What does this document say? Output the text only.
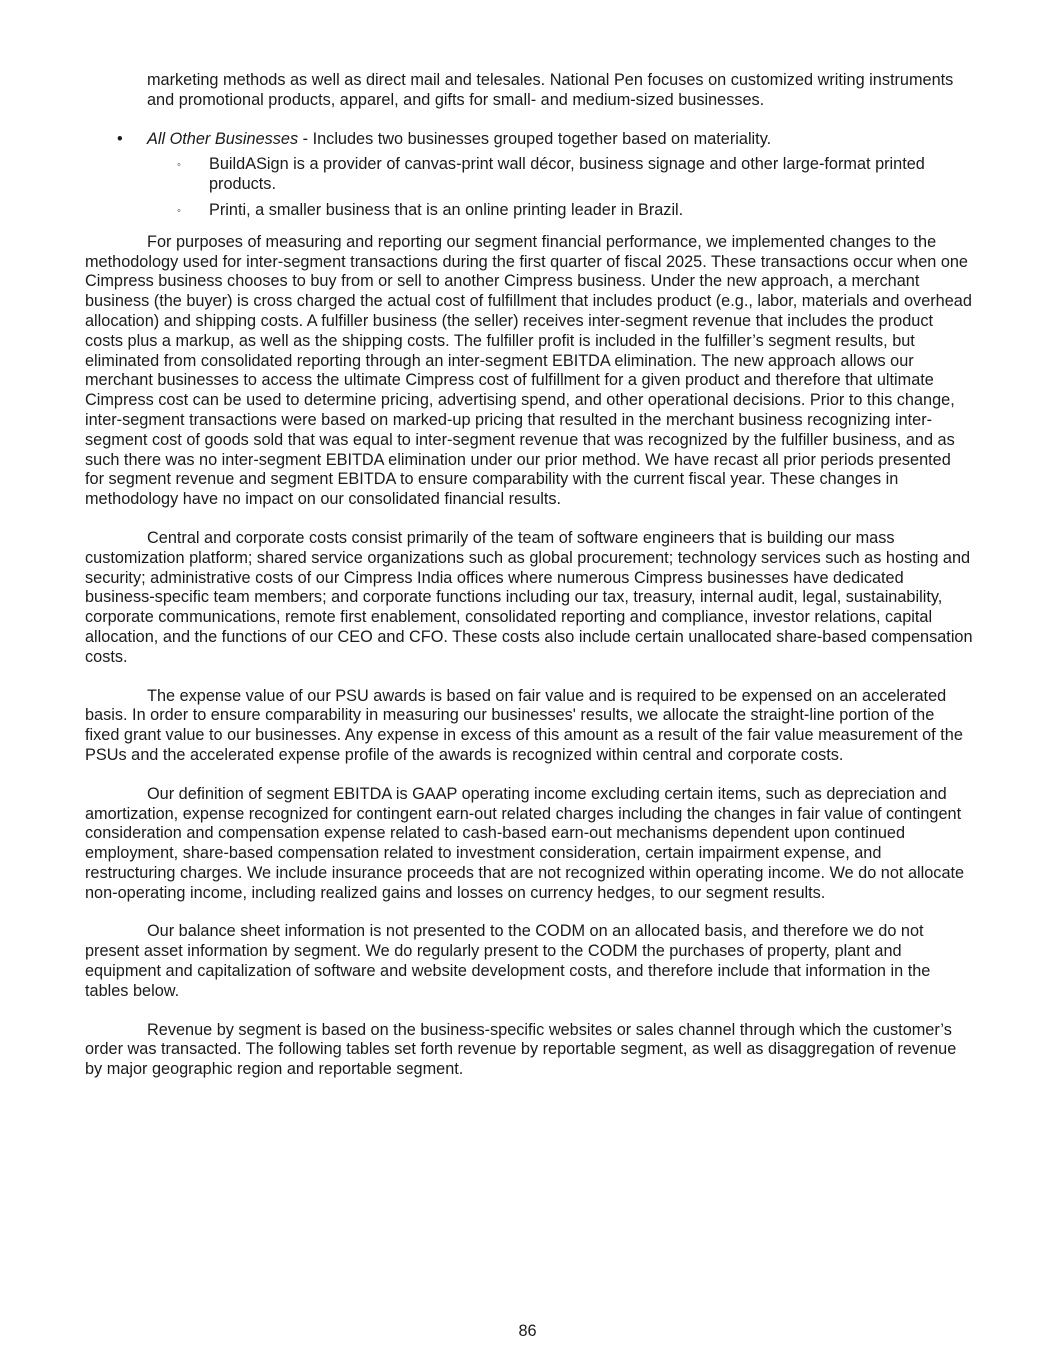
marketing methods as well as direct mail and telesales. National Pen focuses on customized writing instruments and promotional products, apparel, and gifts for small- and medium-sized businesses.

• All Other Businesses - Includes two businesses grouped together based on materiality.
◦ BuildASign is a provider of canvas-print wall décor, business signage and other large-format printed products.
◦ Printi, a smaller business that is an online printing leader in Brazil.

For purposes of measuring and reporting our segment financial performance, we implemented changes to the methodology used for inter-segment transactions during the first quarter of fiscal 2025. These transactions occur when one Cimpress business chooses to buy from or sell to another Cimpress business. Under the new approach, a merchant business (the buyer) is cross charged the actual cost of fulfillment that includes product (e.g., labor, materials and overhead allocation) and shipping costs. A fulfiller business (the seller) receives inter-segment revenue that includes the product costs plus a markup, as well as the shipping costs. The fulfiller profit is included in the fulfiller’s segment results, but eliminated from consolidated reporting through an inter-segment EBITDA elimination. The new approach allows our merchant businesses to access the ultimate Cimpress cost of fulfillment for a given product and therefore that ultimate Cimpress cost can be used to determine pricing, advertising spend, and other operational decisions. Prior to this change, inter-segment transactions were based on marked-up pricing that resulted in the merchant business recognizing inter-segment cost of goods sold that was equal to inter-segment revenue that was recognized by the fulfiller business, and as such there was no inter-segment EBITDA elimination under our prior method. We have recast all prior periods presented for segment revenue and segment EBITDA to ensure comparability with the current fiscal year. These changes in methodology have no impact on our consolidated financial results.

Central and corporate costs consist primarily of the team of software engineers that is building our mass customization platform; shared service organizations such as global procurement; technology services such as hosting and security; administrative costs of our Cimpress India offices where numerous Cimpress businesses have dedicated business-specific team members; and corporate functions including our tax, treasury, internal audit, legal, sustainability, corporate communications, remote first enablement, consolidated reporting and compliance, investor relations, capital allocation, and the functions of our CEO and CFO. These costs also include certain unallocated share-based compensation costs.

The expense value of our PSU awards is based on fair value and is required to be expensed on an accelerated basis. In order to ensure comparability in measuring our businesses' results, we allocate the straight-line portion of the fixed grant value to our businesses. Any expense in excess of this amount as a result of the fair value measurement of the PSUs and the accelerated expense profile of the awards is recognized within central and corporate costs.

Our definition of segment EBITDA is GAAP operating income excluding certain items, such as depreciation and amortization, expense recognized for contingent earn-out related charges including the changes in fair value of contingent consideration and compensation expense related to cash-based earn-out mechanisms dependent upon continued employment, share-based compensation related to investment consideration, certain impairment expense, and restructuring charges. We include insurance proceeds that are not recognized within operating income. We do not allocate non-operating income, including realized gains and losses on currency hedges, to our segment results.

Our balance sheet information is not presented to the CODM on an allocated basis, and therefore we do not present asset information by segment. We do regularly present to the CODM the purchases of property, plant and equipment and capitalization of software and website development costs, and therefore include that information in the tables below.

Revenue by segment is based on the business-specific websites or sales channel through which the customer’s order was transacted. The following tables set forth revenue by reportable segment, as well as disaggregation of revenue by major geographic region and reportable segment.

86
